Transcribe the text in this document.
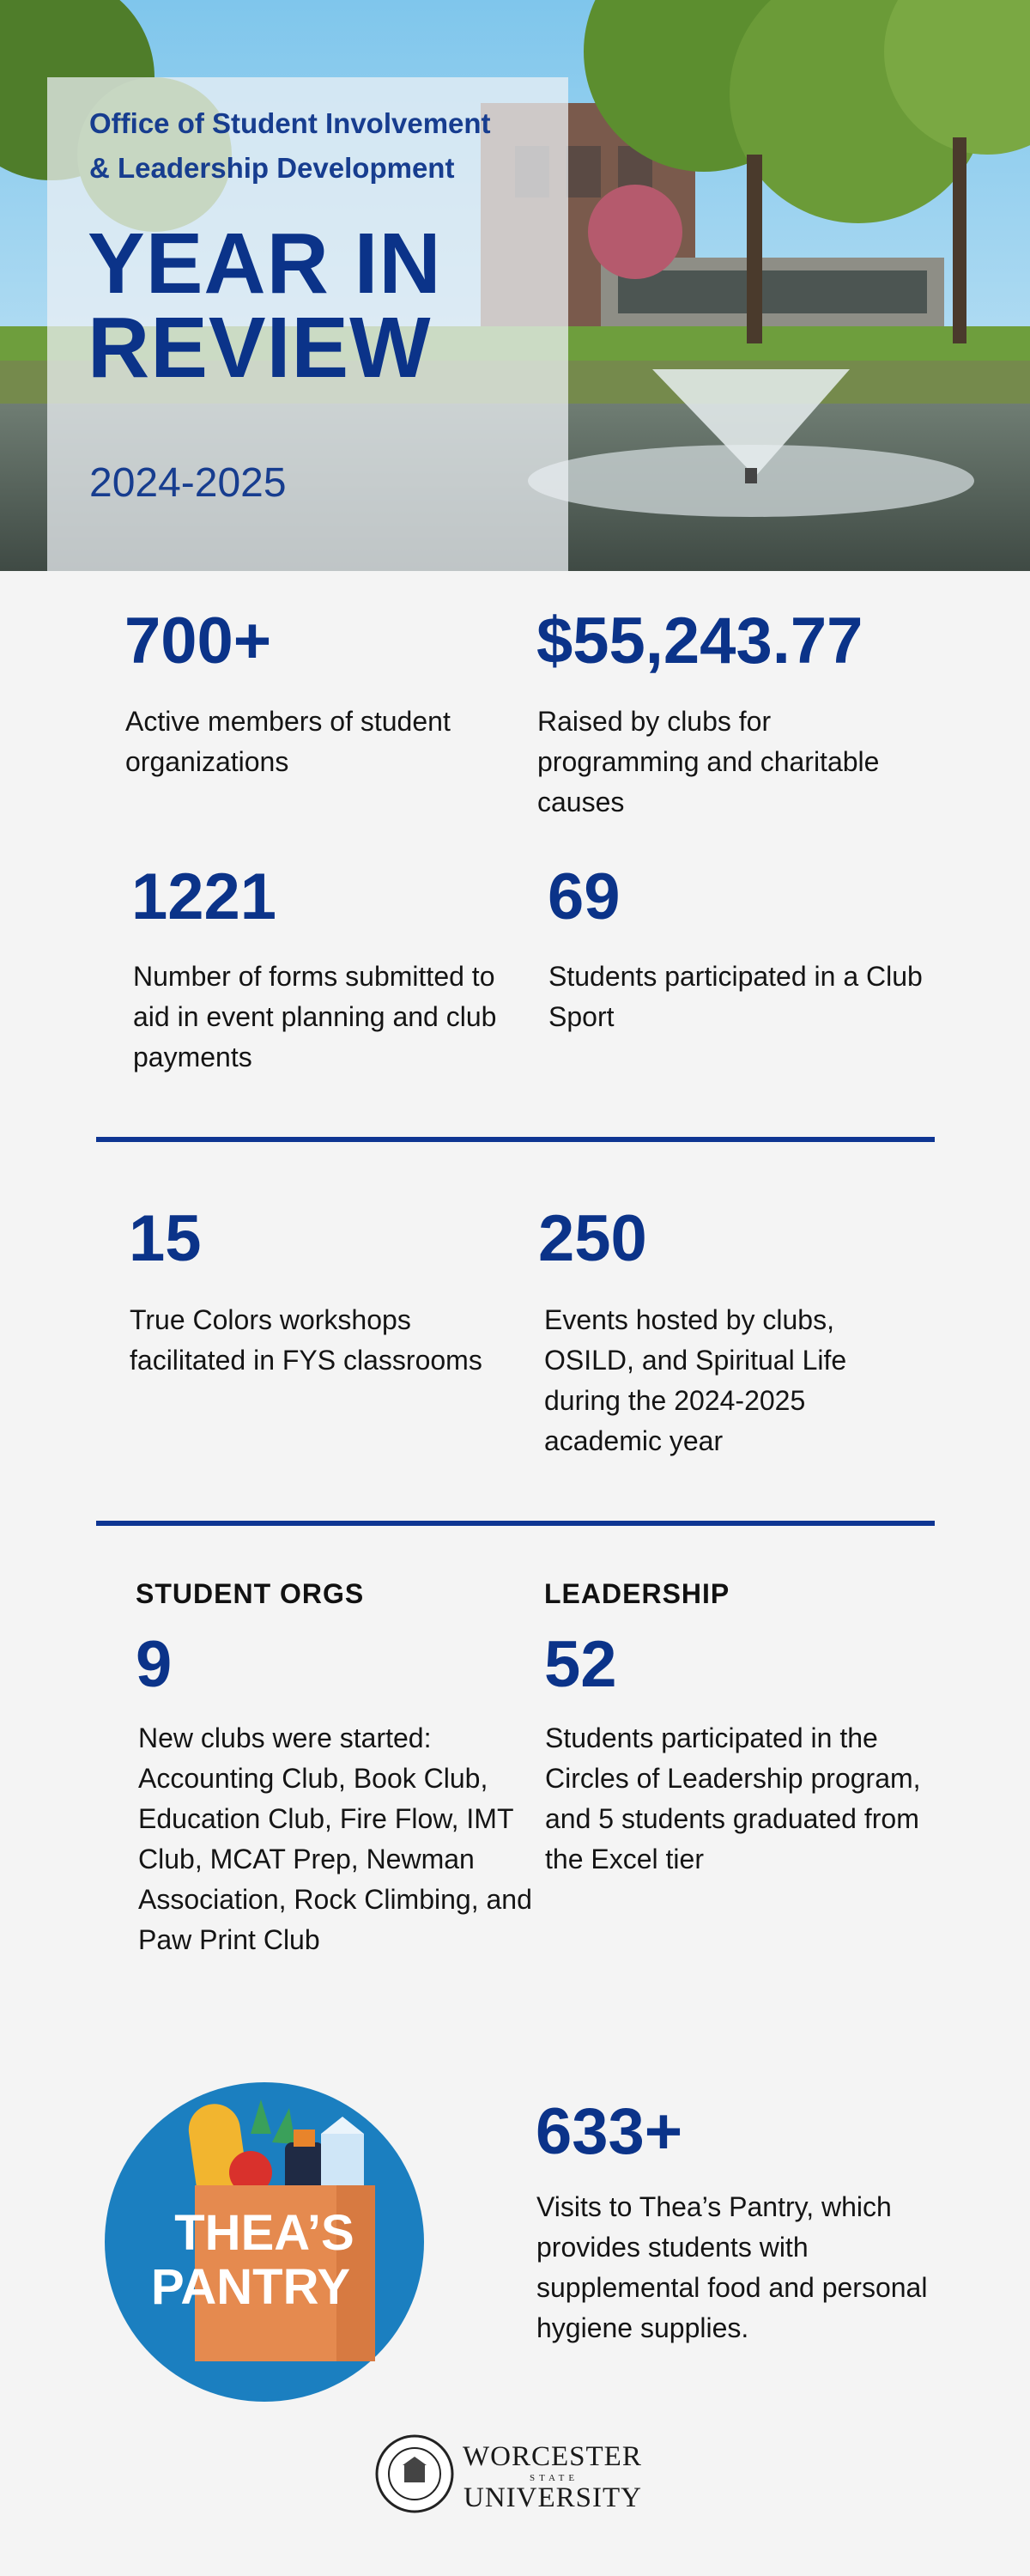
Office of Student Involvement
& Leadership Development
YEAR IN
REVIEW
2024-2025
700+
Active members of student organizations
$55,243.77
Raised by clubs for programming and charitable causes
1221
Number of forms submitted to aid in event planning and club payments
69
Students participated in a Club Sport
15
True Colors workshops facilitated in FYS classrooms
250
Events hosted by clubs, OSILD, and Spiritual Life during the 2024-2025 academic year
STUDENT ORGS
9
New clubs were started: Accounting Club, Book Club, Education Club, Fire Flow, IMT Club, MCAT Prep, Newman Association, Rock Climbing, and Paw Print Club
LEADERSHIP
52
Students participated in the Circles of Leadership program, and 5 students graduated from the Excel tier
THEA’S
PANTRY
633+
Visits to Thea’s Pantry, which provides students with supplemental food and personal hygiene supplies.
WORCESTER
STATE
UNIVERSITY
